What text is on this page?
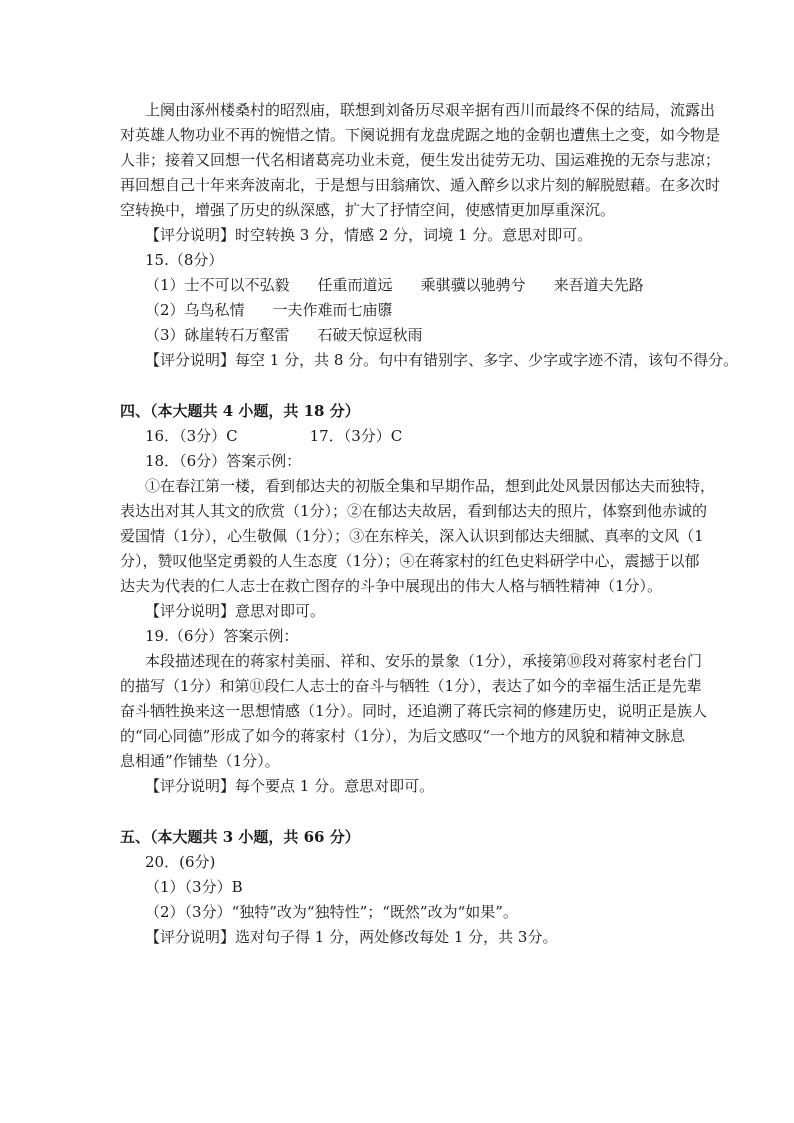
上阕由涿州楼桑村的昭烈庙，联想到刘备历尽艰辛据有西川而最终不保的结局，流露出
对英雄人物功业不再的惋惜之情。下阕说拥有龙盘虎踞之地的金朝也遭焦土之变，如今物是
人非；接着又回想一代名相诸葛亮功业未竟，便生发出徒劳无功、国运难挽的无奈与悲凉；
再回想自己十年来奔波南北，于是想与田翁痛饮、遁入醉乡以求片刻的解脱慰藉。在多次时
空转换中，增强了历史的纵深感，扩大了抒情空间，使感情更加厚重深沉。
【评分说明】时空转换 3 分，情感 2 分，词境 1 分。意思对即可。
15.（8分）
（1）士不可以不弘毅 任重而道远 乘骐骥以驰骋兮 来吾道夫先路
（2）乌鸟私情 一夫作难而七庙隳
（3）砯崖转石万壑雷 石破天惊逗秋雨
【评分说明】每空 1 分，共 8 分。句中有错别字、多字、少字或字迹不清，该句不得分。
四、（本大题共 4 小题，共 18 分）
16．（3分）C	17．（3分）C
18．（6分）答案示例：
①在春江第一楼，看到郁达夫的初版全集和早期作品，想到此处风景因郁达夫而独特，
表达出对其人其文的欣赏（1分）；②在郁达夫故居，看到郁达夫的照片，体察到他赤诚的
爱国情（1分），心生敬佩（1分）；③在东梓关，深入认识到郁达夫细腻、真率的文风（1
分），赞叹他坚定勇毅的人生态度（1分）；④在蒋家村的红色史料研学中心，震撼于以郁
达夫为代表的仁人志士在救亡图存的斗争中展现出的伟大人格与牺牲精神（1分）。
【评分说明】意思对即可。
19.（6分）答案示例：
本段描述现在的蒋家村美丽、祥和、安乐的景象（1分），承接第⑩段对蒋家村老台门
的描写（1分）和第⑪段仁人志士的奋斗与牺牲（1分），表达了如今的幸福生活正是先辈
奋斗牺牲换来这一思想情感（1分）。同时，还追溯了蒋氏宗祠的修建历史，说明正是族人
的“同心同德”形成了如今的蒋家村（1分），为后文感叹“一个地方的风貌和精神文脉息
息相通”作铺垫（1分）。
【评分说明】每个要点 1 分。意思对即可。
五、（本大题共 3 小题，共 66 分）
20．(6分)
（1）（3分）B
（2）（3分）“独特”改为“独特性”；“既然”改为“如果”。
【评分说明】选对句子得 1 分，两处修改每处 1 分，共 3分。
